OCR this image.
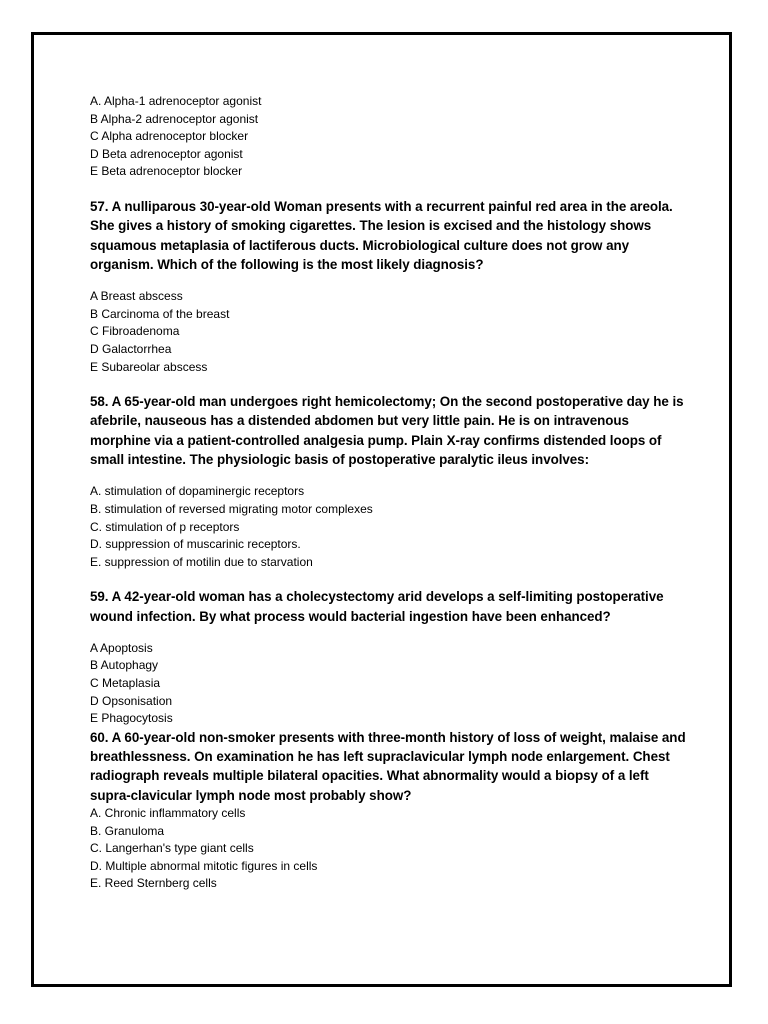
A. Alpha-1 adrenoceptor agonist
B Alpha-2 adrenoceptor agonist
C Alpha adrenoceptor blocker
D Beta adrenoceptor agonist
E Beta adrenoceptor blocker
57. A nulliparous 30-year-old Woman presents with a recurrent painful red area in the areola. She gives a history of smoking cigarettes. The lesion is excised and the histology shows squamous metaplasia of lactiferous ducts. Microbiological culture does not grow any organism. Which of the following is the most likely diagnosis?
A Breast abscess
B Carcinoma of the breast
C Fibroadenoma
D Galactorrhea
E Subareolar abscess
58. A 65-year-old man undergoes right hemicolectomy; On the second postoperative day he is afebrile, nauseous has a distended abdomen but very little pain. He is on intravenous morphine via a patient-controlled analgesia pump. Plain X-ray confirms distended loops of small intestine. The physiologic basis of postoperative paralytic ileus involves:
A. stimulation of dopaminergic receptors
B. stimulation of reversed migrating motor complexes
C. stimulation of p receptors
D. suppression of muscarinic receptors.
E. suppression of motilin due to starvation
59. A 42-year-old woman has a cholecystectomy arid develops a self-limiting postoperative wound infection. By what process would bacterial ingestion have been enhanced?
A Apoptosis
B Autophagy
C Metaplasia
D Opsonisation
E Phagocytosis
60. A 60-year-old non-smoker presents with three-month history of loss of weight, malaise and breathlessness. On examination he has left supraclavicular lymph node enlargement. Chest radiograph reveals multiple bilateral opacities. What abnormality would a biopsy of a left supra-clavicular lymph node most probably show?
A. Chronic inflammatory cells
B. Granuloma
C. Langerhan's type giant cells
D. Multiple abnormal mitotic figures in cells
E. Reed Sternberg cells
